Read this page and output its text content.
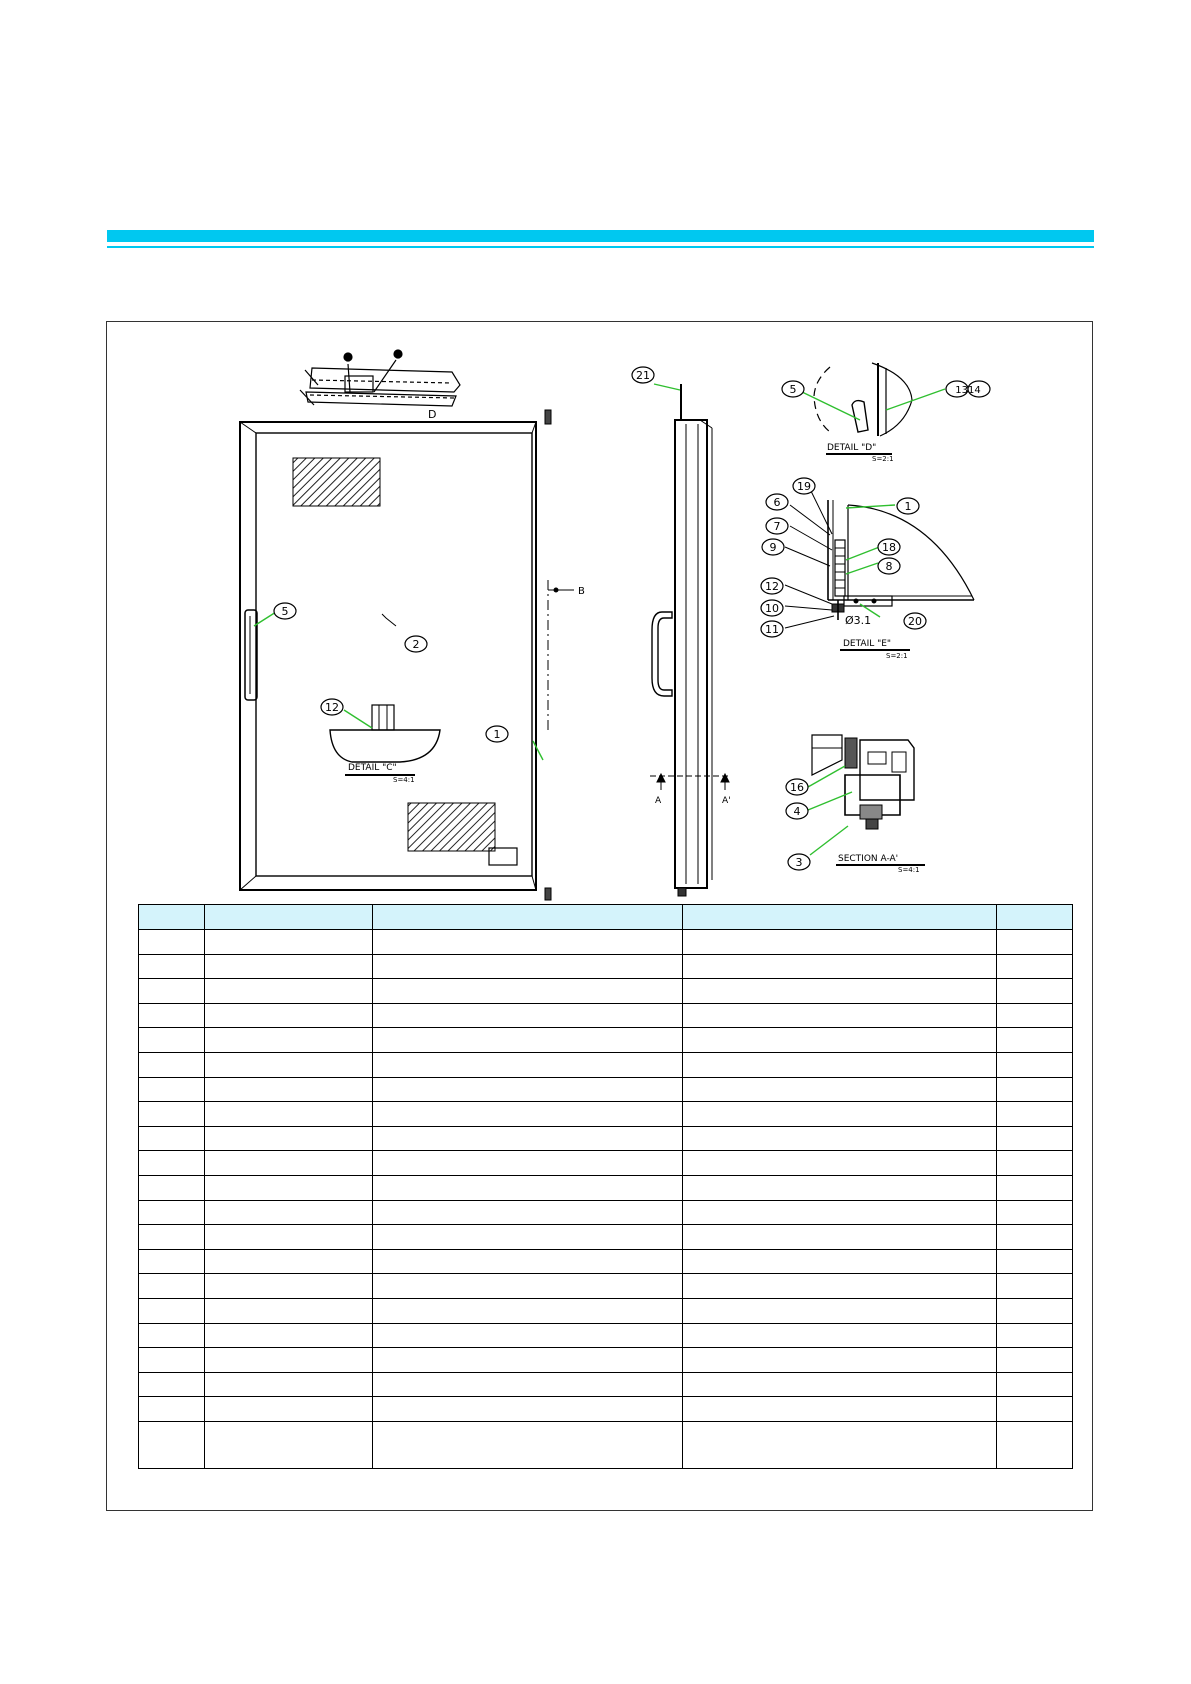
D
B
DETAIL "C"
S=4:1
A	A'
DETAIL "D"
S=2:1
Ø3.1
DETAIL "E"
S=2:1
SECTION A-A'
S=4:1
5
2
12
1
21
5	1314
19
1
6
7
18
9
8
12
10
11
20
16
4
3
